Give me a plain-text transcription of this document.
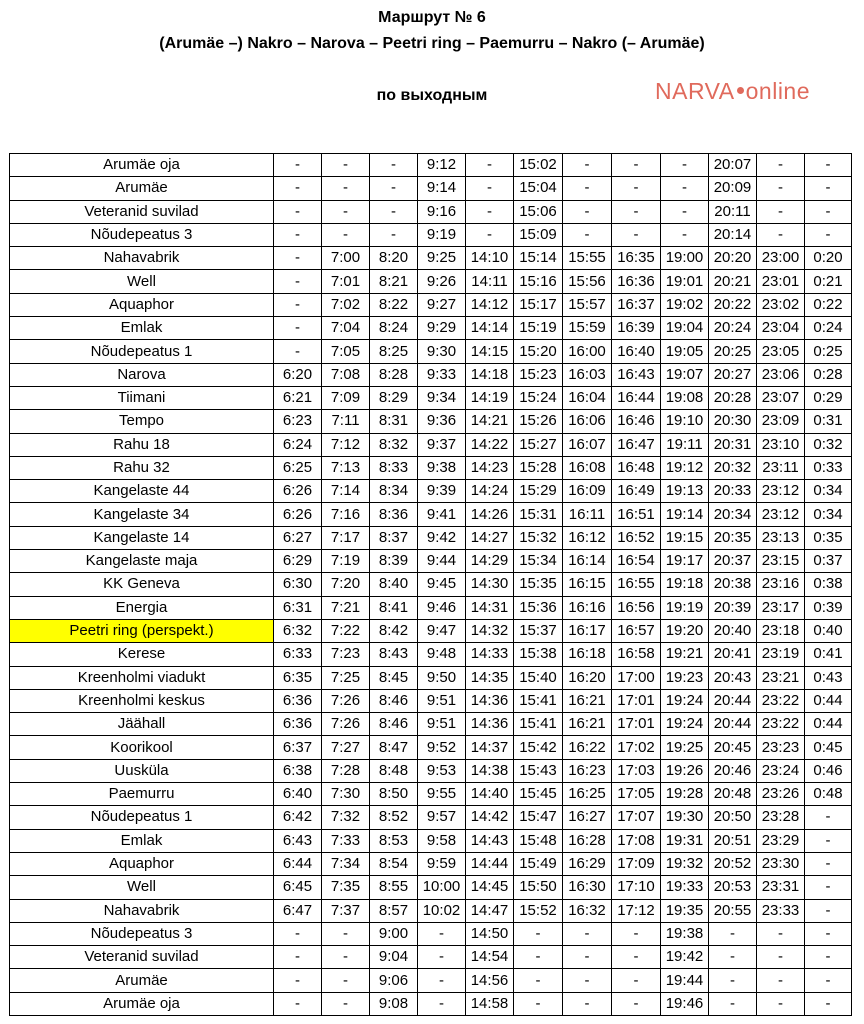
Маршрут № 6
(Arumäe –) Nakro – Narova – Peetri ring – Paemurru – Nakro (– Arumäe)
по выходным	NARVA online
Arumäe oja	-	-	-	9:12	-	15:02	-	-	-	20:07	-	-
Arumäe	-	-	-	9:14	-	15:04	-	-	-	20:09	-	-
Veteranid suvilad	-	-	-	9:16	-	15:06	-	-	-	20:11	-	-
Nõudepeatus 3	-	-	-	9:19	-	15:09	-	-	-	20:14	-	-
Nahavabrik	-	7:00	8:20	9:25	14:10	15:14	15:55	16:35	19:00	20:20	23:00	0:20
Well	-	7:01	8:21	9:26	14:11	15:16	15:56	16:36	19:01	20:21	23:01	0:21
Aquaphor	-	7:02	8:22	9:27	14:12	15:17	15:57	16:37	19:02	20:22	23:02	0:22
Emlak	-	7:04	8:24	9:29	14:14	15:19	15:59	16:39	19:04	20:24	23:04	0:24
Nõudepeatus 1	-	7:05	8:25	9:30	14:15	15:20	16:00	16:40	19:05	20:25	23:05	0:25
Narova	6:20	7:08	8:28	9:33	14:18	15:23	16:03	16:43	19:07	20:27	23:06	0:28
Tiimani	6:21	7:09	8:29	9:34	14:19	15:24	16:04	16:44	19:08	20:28	23:07	0:29
Tempo	6:23	7:11	8:31	9:36	14:21	15:26	16:06	16:46	19:10	20:30	23:09	0:31
Rahu 18	6:24	7:12	8:32	9:37	14:22	15:27	16:07	16:47	19:11	20:31	23:10	0:32
Rahu 32	6:25	7:13	8:33	9:38	14:23	15:28	16:08	16:48	19:12	20:32	23:11	0:33
Kangelaste 44	6:26	7:14	8:34	9:39	14:24	15:29	16:09	16:49	19:13	20:33	23:12	0:34
Kangelaste 34	6:26	7:16	8:36	9:41	14:26	15:31	16:11	16:51	19:14	20:34	23:12	0:34
Kangelaste 14	6:27	7:17	8:37	9:42	14:27	15:32	16:12	16:52	19:15	20:35	23:13	0:35
Kangelaste maja	6:29	7:19	8:39	9:44	14:29	15:34	16:14	16:54	19:17	20:37	23:15	0:37
KK Geneva	6:30	7:20	8:40	9:45	14:30	15:35	16:15	16:55	19:18	20:38	23:16	0:38
Energia	6:31	7:21	8:41	9:46	14:31	15:36	16:16	16:56	19:19	20:39	23:17	0:39
Peetri ring (perspekt.)	6:32	7:22	8:42	9:47	14:32	15:37	16:17	16:57	19:20	20:40	23:18	0:40
Kerese	6:33	7:23	8:43	9:48	14:33	15:38	16:18	16:58	19:21	20:41	23:19	0:41
Kreenholmi viadukt	6:35	7:25	8:45	9:50	14:35	15:40	16:20	17:00	19:23	20:43	23:21	0:43
Kreenholmi keskus	6:36	7:26	8:46	9:51	14:36	15:41	16:21	17:01	19:24	20:44	23:22	0:44
Jäähall	6:36	7:26	8:46	9:51	14:36	15:41	16:21	17:01	19:24	20:44	23:22	0:44
Koorikool	6:37	7:27	8:47	9:52	14:37	15:42	16:22	17:02	19:25	20:45	23:23	0:45
Uusküla	6:38	7:28	8:48	9:53	14:38	15:43	16:23	17:03	19:26	20:46	23:24	0:46
Paemurru	6:40	7:30	8:50	9:55	14:40	15:45	16:25	17:05	19:28	20:48	23:26	0:48
Nõudepeatus 1	6:42	7:32	8:52	9:57	14:42	15:47	16:27	17:07	19:30	20:50	23:28	-
Emlak	6:43	7:33	8:53	9:58	14:43	15:48	16:28	17:08	19:31	20:51	23:29	-
Aquaphor	6:44	7:34	8:54	9:59	14:44	15:49	16:29	17:09	19:32	20:52	23:30	-
Well	6:45	7:35	8:55	10:00	14:45	15:50	16:30	17:10	19:33	20:53	23:31	-
Nahavabrik	6:47	7:37	8:57	10:02	14:47	15:52	16:32	17:12	19:35	20:55	23:33	-
Nõudepeatus 3	-	-	9:00	-	14:50	-	-	-	19:38	-	-	-
Veteranid suvilad	-	-	9:04	-	14:54	-	-	-	19:42	-	-	-
Arumäe	-	-	9:06	-	14:56	-	-	-	19:44	-	-	-
Arumäe oja	-	-	9:08	-	14:58	-	-	-	19:46	-	-	-
